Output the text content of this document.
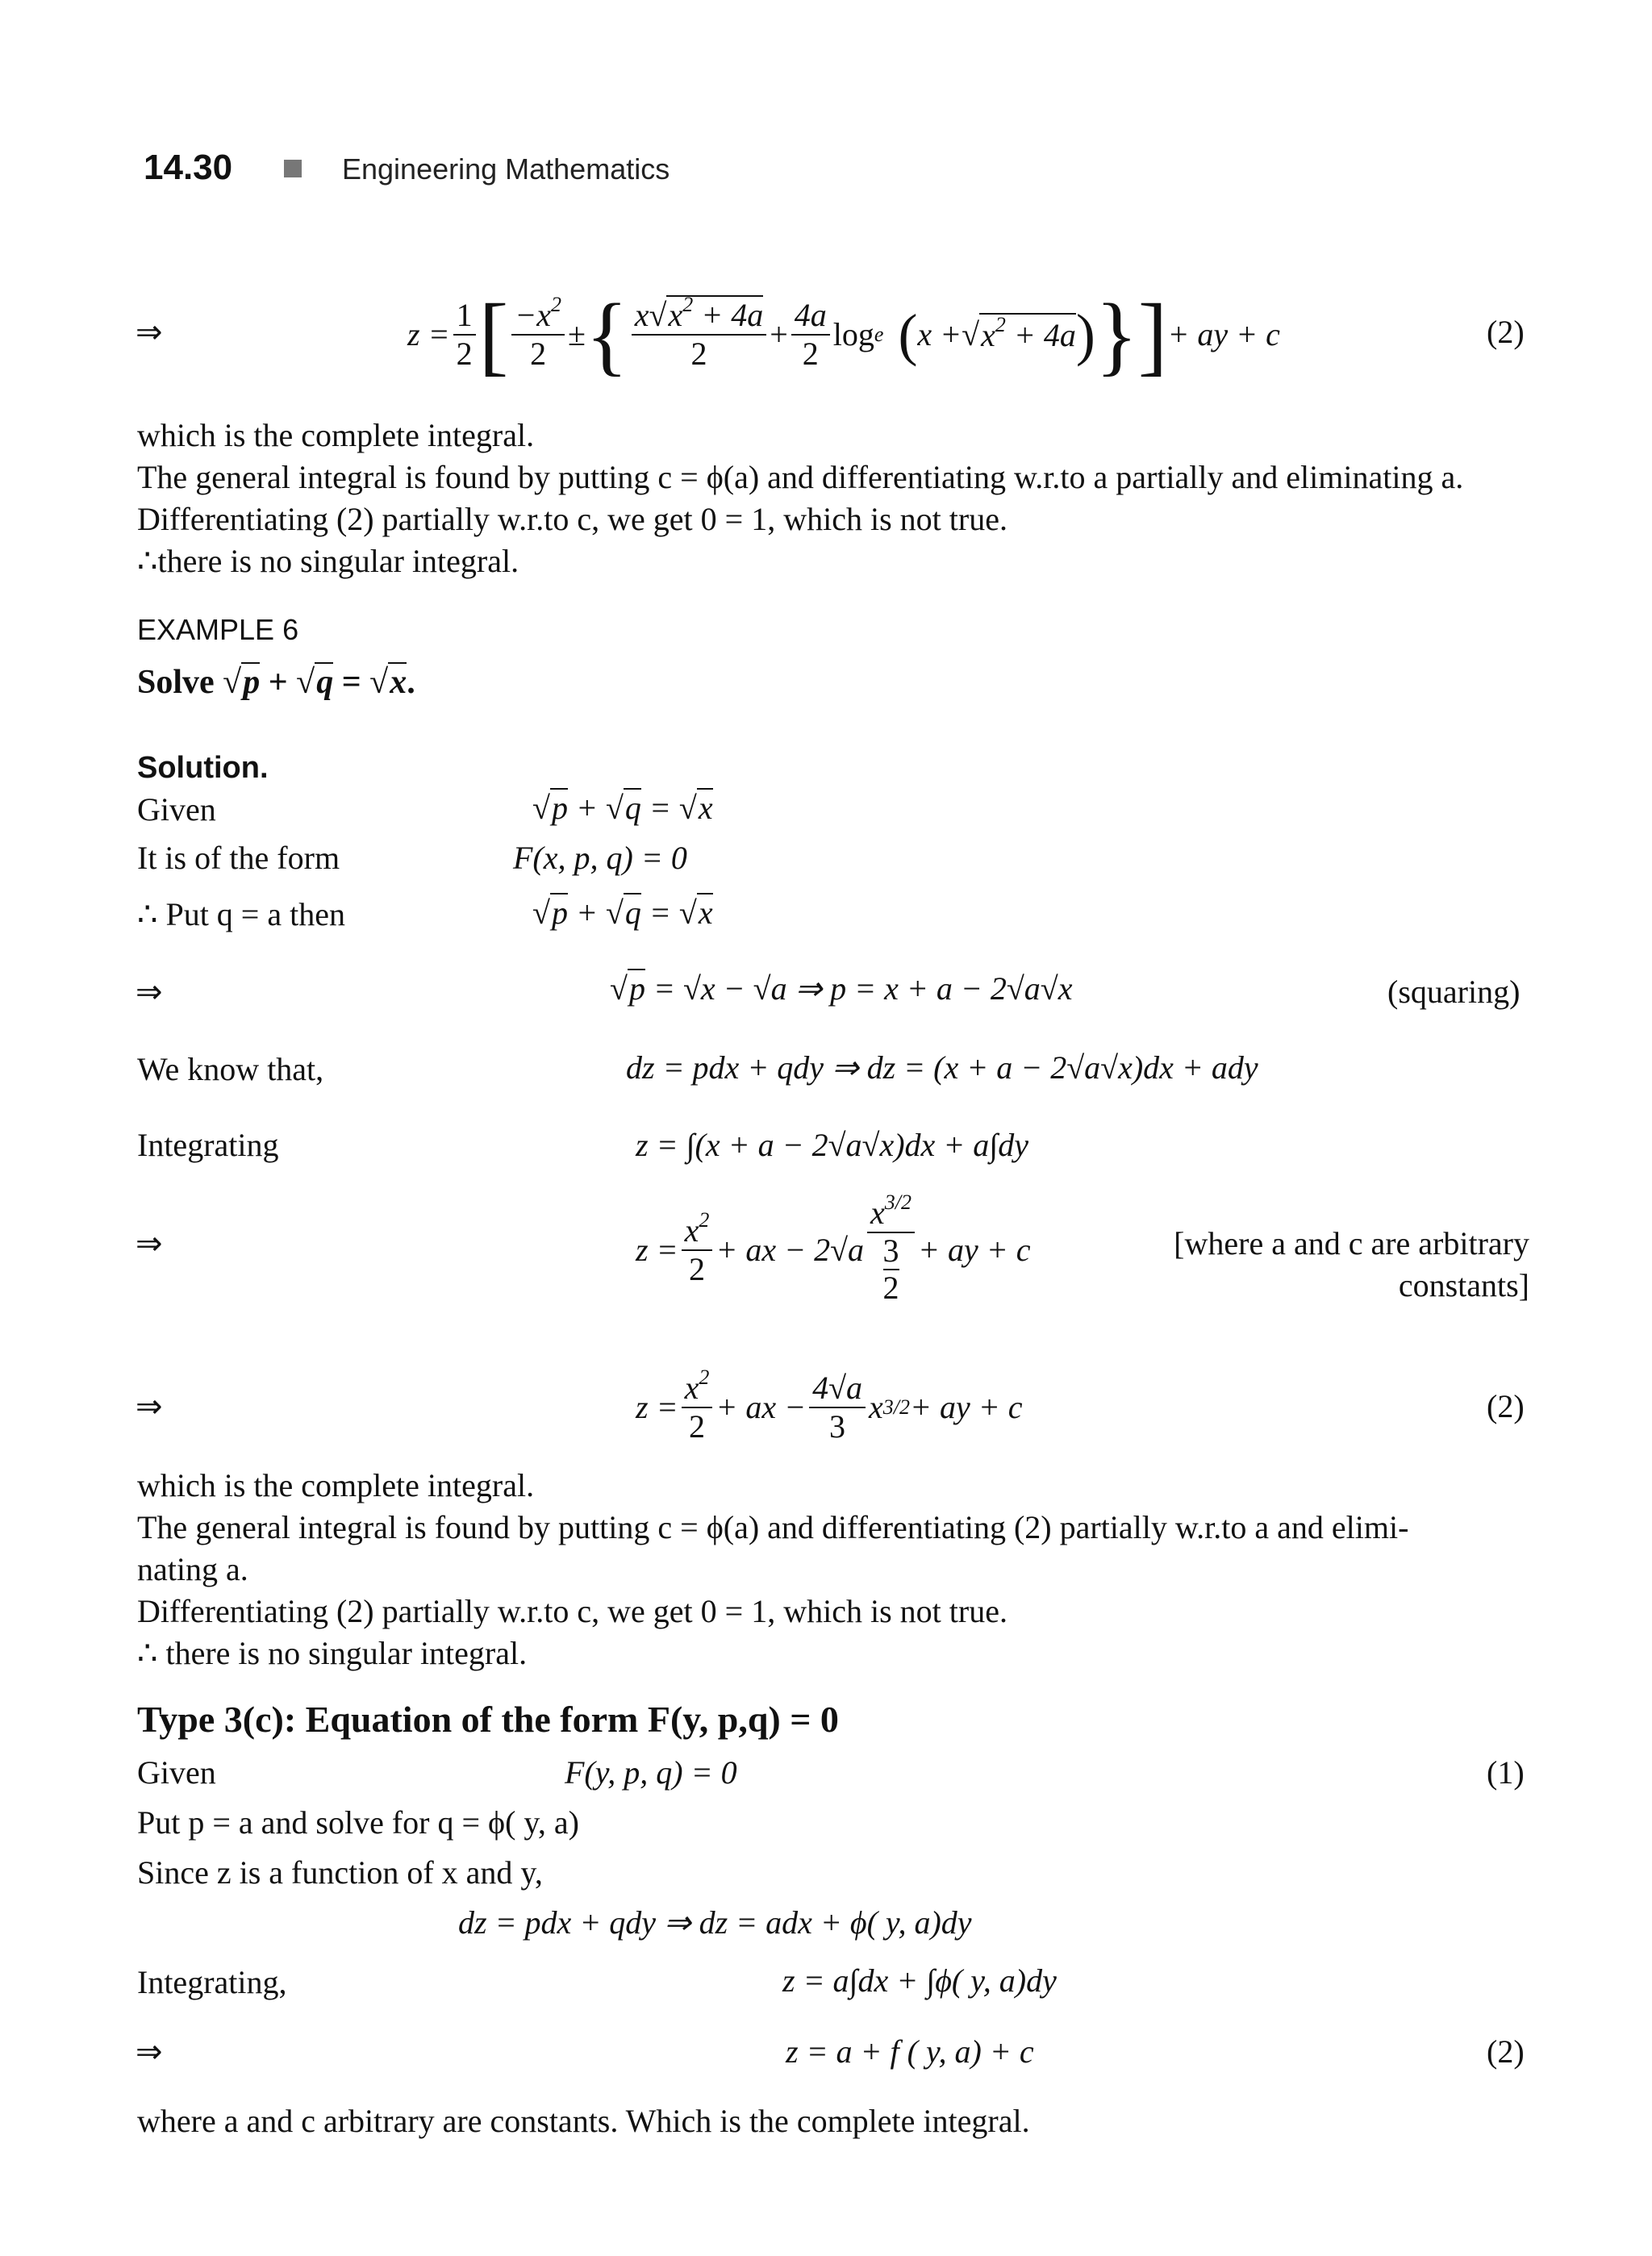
14.30	Engineering Mathematics
⇒	$z = \frac{1}{2}$ [ $\frac{-x^2}{2}$ ± { $\frac{x√x^2 + 4a}{2} + \frac{4a}{2}$ log e ( x + √ $x^2 + 4a$ ) } ] + ay + c	(2)
which is the complete integral.
The general integral is found by putting c = ϕ(a) and differentiating w.r.to a partially and eliminating a.
Differentiating (2) partially w.r.to c, we get 0 = 1, which is not true.
∴there is no singular integral.
EXAMPLE 6
Solve √p + √q = √x.
Solution.
Given	√p + √q = √x
It is of the form	F(x, p, q) = 0
∴ Put q = a then	√p + √q = √x
⇒	√p = √x − √a ⇒ p = x + a − 2√a√x	(squaring)
We know that,	dz = pdx + qdy ⇒ dz = (x + a − 2√a√x)dx + ady
Integrating	z = ∫(x + a − 2√a√x)dx + a∫dy
⇒	$z = \frac{x^2}{2}$ + ax − 2√a $x^{3/2}$
3
2 + ay + c	[where a and c are arbitrary
constants]
⇒	$z = \frac{x^2}{2}$ + ax − $\frac{4√a}{3}$ x 3/2 + ay + c	(2)
which is the complete integral.
The general integral is found by putting c = ϕ(a) and differentiating (2) partially w.r.to a and elimi-
nating a.
Differentiating (2) partially w.r.to c, we get 0 = 1, which is not true.
∴ there is no singular integral.
Type 3(c): Equation of the form F(y, p,q) = 0
Given	F(y, p, q) = 0	(1)
Put p = a and solve for q = ϕ( y, a)
Since z is a function of x and y,
dz = pdx + qdy ⇒ dz = adx + ϕ( y, a)dy
Integrating,	z = a∫dx + ∫ϕ( y, a)dy
⇒	z = a + f ( y, a) + c	(2)
where a and c arbitrary are constants. Which is the complete integral.
